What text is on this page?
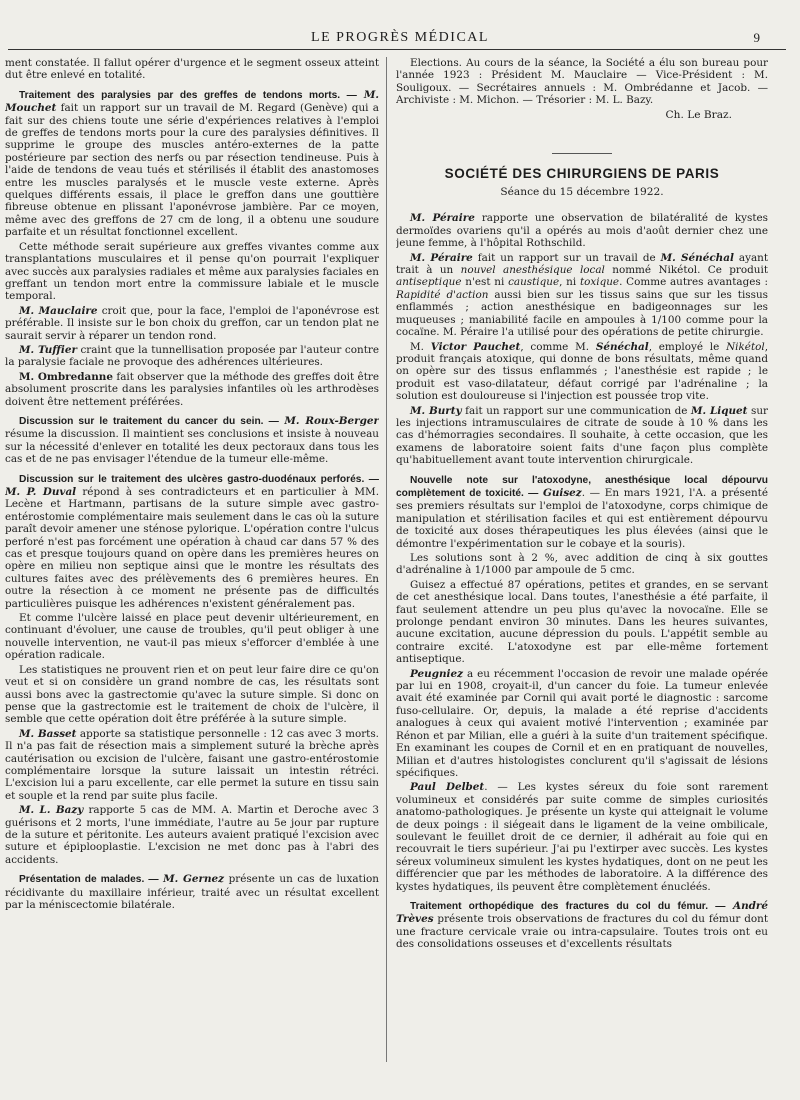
LE PROGRÈS MÉDICAL	9

ment constatée. Il fallut opérer d'urgence et le segment osseux atteint dut être enlevé en totalité.

Traitement des paralysies par des greffes de tendons morts. — M. Mouchet fait un rapport sur un travail de M. Regard (Genève) qui a fait sur des chiens toute une série d'expériences relatives à l'emploi de greffes de tendons morts pour la cure des paralysies définitives. Il supprime le groupe des muscles antéro-externes de la patte postérieure par section des nerfs ou par résection tendineuse. Puis à l'aide de tendons de veau tués et stérilisés il établit des anastomoses entre les muscles paralysés et le muscle veste externe. Après quelques différents essais, il place le greffon dans une gouttière fibreuse obtenue en plissant l'aponévrose jambière. Par ce moyen, même avec des greffons de 27 cm de long, il a obtenu une soudure parfaite et un résultat fonctionnel excellent.

Cette méthode serait supérieure aux greffes vivantes comme aux transplantations musculaires et il pense qu'on pourrait l'expliquer avec succès aux paralysies radiales et même aux paralysies faciales en greffant un tendon mort entre la commissure labiale et le muscle temporal.

M. Mauclaire croit que, pour la face, l'emploi de l'aponévrose est préférable. Il insiste sur le bon choix du greffon, car un tendon plat ne saurait servir à réparer un tendon rond.

M. Tuffier craint que la tunnellisation proposée par l'auteur contre la paralysie faciale ne provoque des adhérences ultérieures.

M. Ombredanne fait observer que la méthode des greffes doit être absolument proscrite dans les paralysies infantiles où les arthrodèses doivent être nettement préférées.

Discussion sur le traitement du cancer du sein. — M. Roux-Berger résume la discussion. Il maintient ses conclusions et insiste à nouveau sur la nécessité d'enlever en totalité les deux pectoraux dans tous les cas et de ne pas envisager l'étendue de la tumeur elle-même.

Discussion sur le traitement des ulcères gastro-duodénaux perforés. — M. P. Duval répond à ses contradicteurs et en particulier à MM. Lecène et Hartmann, partisans de la suture simple avec gastro-entérostomie complémentaire mais seulement dans le cas où la suture paraît devoir amener une sténose pylorique. L'opération contre l'ulcus perforé n'est pas forcément une opération à chaud car dans 57 % des cas et presque toujours quand on opère dans les premières heures on opère en milieu non septique ainsi que le montre les résultats des cultures faites avec des prélèvements des 6 premières heures. En outre la résection à ce moment ne présente pas de difficultés particulières puisque les adhérences n'existent généralement pas.

Et comme l'ulcère laissé en place peut devenir ultérieurement, en continuant d'évoluer, une cause de troubles, qu'il peut obliger à une nouvelle intervention, ne vaut-il pas mieux s'efforcer d'emblée à une opération radicale.

Les statistiques ne prouvent rien et on peut leur faire dire ce qu'on veut et si on considère un grand nombre de cas, les résultats sont aussi bons avec la gastrectomie qu'avec la suture simple. Si donc on pense que la gastrectomie est le traitement de choix de l'ulcère, il semble que cette opération doit être préférée à la suture simple.

M. Basset apporte sa statistique personnelle : 12 cas avec 3 morts. Il n'a pas fait de résection mais a simplement suturé la brèche après cautérisation ou excision de l'ulcère, faisant une gastro-entérostomie complémentaire lorsque la suture laissait un intestin rétréci. L'excision lui a paru excellente, car elle permet la suture en tissu sain et souple et la rend par suite plus facile.

M. L. Bazy rapporte 5 cas de MM. A. Martin et Deroche avec 3 guérisons et 2 morts, l'une immédiate, l'autre au 5e jour par rupture de la suture et péritonite. Les auteurs avaient pratiqué l'excision avec suture et épiplooplastie. L'excision ne met donc pas à l'abri des accidents.

Présentation de malades. — M. Gernez présente un cas de luxation récidivante du maxillaire inférieur, traité avec un résultat excellent par la méniscectomie bilatérale.

Elections. Au cours de la séance, la Société a élu son bureau pour l'année 1923 : Président M. Mauclaire — Vice-Président : M. Souligoux. — Secrétaires annuels : M. Ombrédanne et Jacob. — Archiviste : M. Michon. — Trésorier : M. L. Bazy.

Ch. Le Braz.
SOCIÉTÉ DES CHIRURGIENS DE PARIS
Séance du 15 décembre 1922.

M. Péraire rapporte une observation de bilatéralité de kystes dermoïdes ovariens qu'il a opérés au mois d'août dernier chez une jeune femme, à l'hôpital Rothschild.

M. Péraire fait un rapport sur un travail de M. Sénéchal ayant trait à un nouvel anesthésique local nommé Nikétol. Ce produit antiseptique n'est ni caustique, ni toxique. Comme autres avantages : Rapidité d'action aussi bien sur les tissus sains que sur les tissus enflammés ; action anesthésique en badigeonnages sur les muqueuses ; maniabilité facile en ampoules à 1/100 comme pour la cocaïne. M. Péraire l'a utilisé pour des opérations de petite chirurgie.

M. Victor Pauchet, comme M. Sénéchal, employé le Nikétol, produit français atoxique, qui donne de bons résultats, même quand on opère sur des tissus enflammés ; l'anesthésie est rapide ; le produit est vaso-dilatateur, défaut corrigé par l'adrénaline ; la solution est douloureuse si l'injection est poussée trop vite.

M. Burty fait un rapport sur une communication de M. Liquet sur les injections intramusculaires de citrate de soude à 10 % dans les cas d'hémorragies secondaires. Il souhaite, à cette occasion, que les examens de laboratoire soient faits d'une façon plus complète qu'habituellement avant toute intervention chirurgicale.

Nouvelle note sur l'atoxodyne, anesthésique local dépourvu complètement de toxicité. — Guisez. — En mars 1921, l'A. a présenté ses premiers résultats sur l'emploi de l'atoxodyne, corps chimique de manipulation et stérilisation faciles et qui est entièrement dépourvu de toxicité aux doses thérapeutiques les plus élevées (ainsi que le démontre l'expérimentation sur le cobaye et la souris).

Les solutions sont à 2 %, avec addition de cinq à six gouttes d'adrénaline à 1/1000 par ampoule de 5 cmc.

Guisez a effectué 87 opérations, petites et grandes, en se servant de cet anesthésique local. Dans toutes, l'anesthésie a été parfaite, il faut seulement attendre un peu plus qu'avec la novocaïne. Elle se prolonge pendant environ 30 minutes. Dans les heures suivantes, aucune excitation, aucune dépression du pouls. L'appétit semble au contraire excité. L'atoxodyne est par elle-même fortement antiseptique.

Peugniez a eu récemment l'occasion de revoir une malade opérée par lui en 1908, croyait-il, d'un cancer du foie. La tumeur enlevée avait été examinée par Cornil qui avait porté le diagnostic : sarcome fuso-cellulaire. Or, depuis, la malade a été reprise d'accidents analogues à ceux qui avaient motivé l'intervention ; examinée par Rénon et par Milian, elle a guéri à la suite d'un traitement spécifique. En examinant les coupes de Cornil et en en pratiquant de nouvelles, Milian et d'autres histologistes conclurent qu'il s'agissait de lésions spécifiques.

Paul Delbet. — Les kystes séreux du foie sont rarement volumineux et considérés par suite comme de simples curiosités anatomo-pathologiques. Je présente un kyste qui atteignait le volume de deux poings : il siégeait dans le ligament de la veine ombilicale, soulevant le feuillet droit de ce dernier, il adhérait au foie qui en recouvrait le tiers supérieur. J'ai pu l'extirper avec succès. Les kystes séreux volumineux simulent les kystes hydatiques, dont on ne peut les différencier que par les méthodes de laboratoire. A la différence des kystes hydatiques, ils peuvent être complètement énucléés.

Traitement orthopédique des fractures du col du fémur. — André Trèves présente trois observations de fractures du col du fémur dont une fracture cervicale vraie ou intra-capsulaire. Toutes trois ont eu des consolidations osseuses et d'excellents résultats
